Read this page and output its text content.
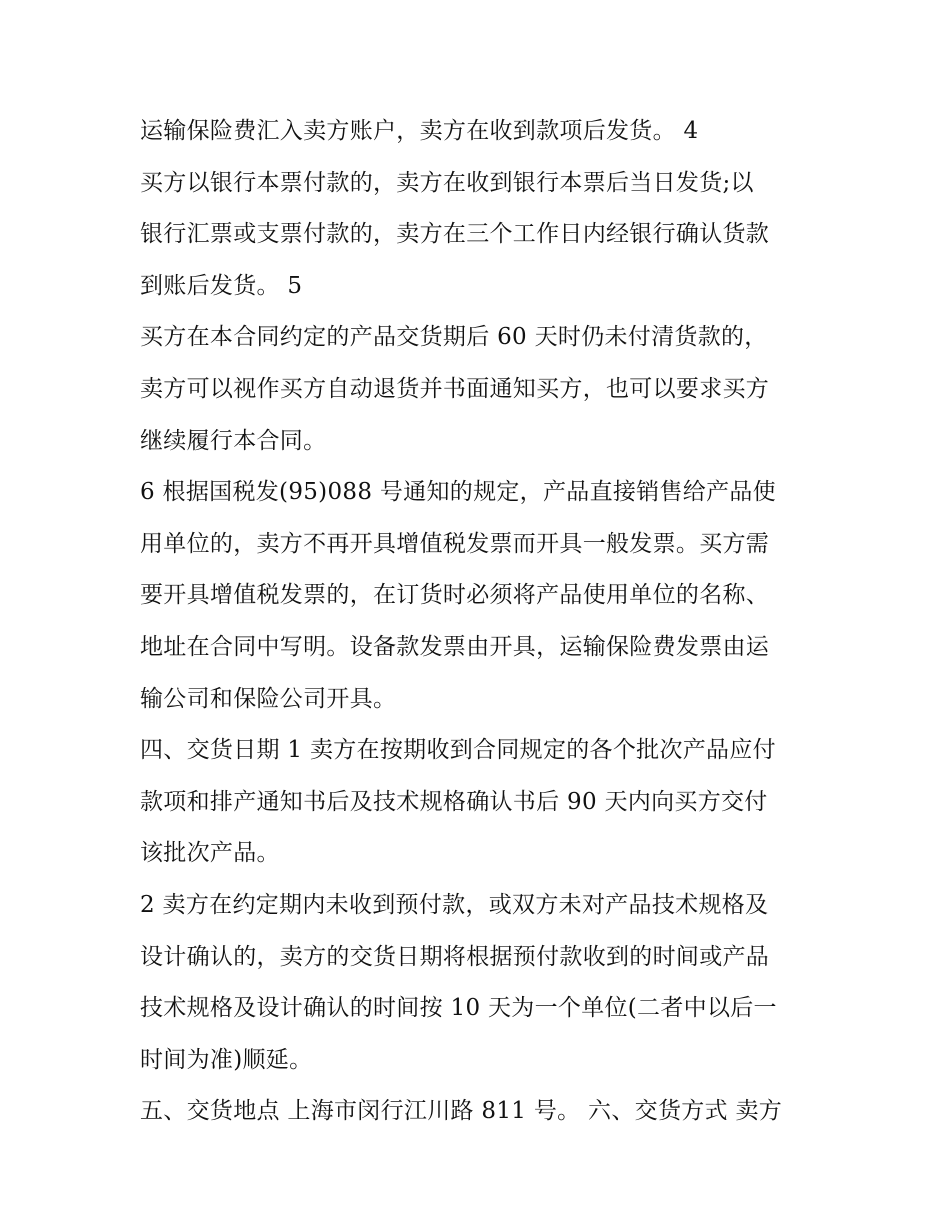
运输保险费汇入卖方账户，卖方在收到款项后发货。 4
买方以银行本票付款的，卖方在收到银行本票后当日发货;以
银行汇票或支票付款的，卖方在三个工作日内经银行确认货款
到账后发货。 5
买方在本合同约定的产品交货期后 60 天时仍未付清货款的，
卖方可以视作买方自动退货并书面通知买方，也可以要求买方
继续履行本合同。
6 根据国税发(95)088 号通知的规定，产品直接销售给产品使
用单位的，卖方不再开具增值税发票而开具一般发票。买方需
要开具增值税发票的，在订货时必须将产品使用单位的名称、
地址在合同中写明。设备款发票由开具，运输保险费发票由运
输公司和保险公司开具。
四、交货日期 1 卖方在按期收到合同规定的各个批次产品应付
款项和排产通知书后及技术规格确认书后 90 天内向买方交付
该批次产品。
2 卖方在约定期内未收到预付款，或双方未对产品技术规格及
设计确认的，卖方的交货日期将根据预付款收到的时间或产品
技术规格及设计确认的时间按 10 天为一个单位(二者中以后一
时间为准)顺延。
五、交货地点 上海市闵行江川路 811 号。 六、交货方式 卖方
